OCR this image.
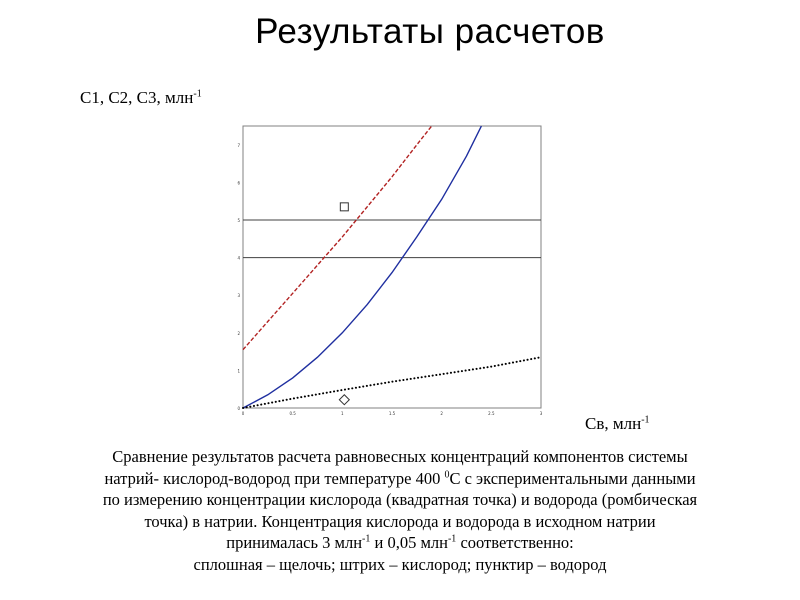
Результаты расчетов
С1, С2, С3, млн$^{-1}$
Св, млн$^{-1}$
0
1
2
3
4
5
6
7
0	0.5	1	1.5	2	2.5	3

Сравнение результатов расчета равновесных концентраций компонентов системы

натрий- кислород-водород при температуре 400 $^0$С с экспериментальными данными

по измерению концентрации кислорода (квадратная точка) и водорода (ромбическая

точка) в натрии. Концентрация кислорода и водорода в исходном натрии

принималась 3 млн$^{-1}$ и 0,05 млн$^{-1}$ соответственно:

сплошная – щелочь; штрих – кислород; пунктир – водород
